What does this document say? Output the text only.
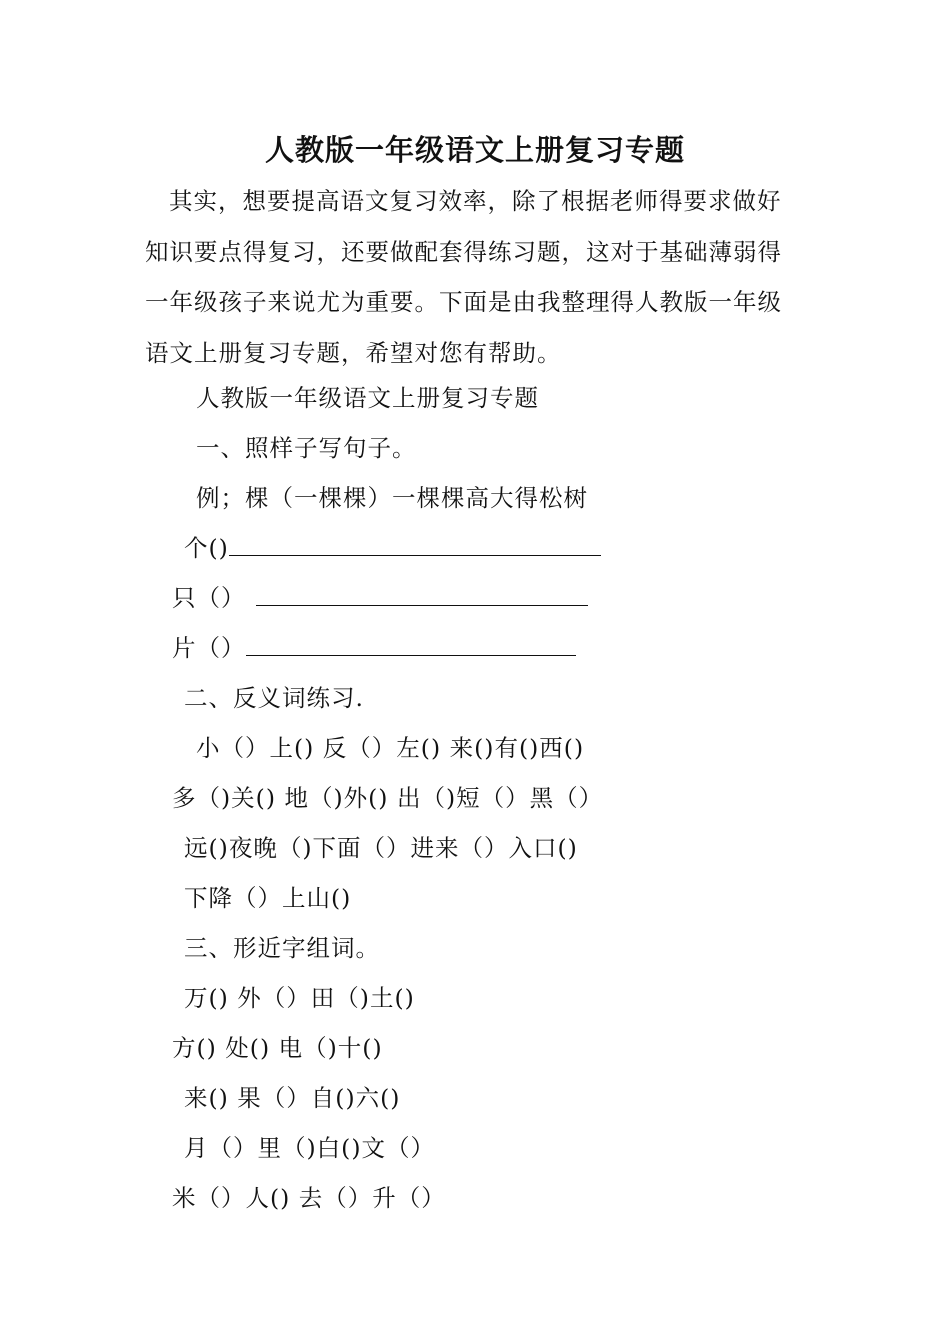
人教版一年级语文上册复习专题

其实，想要提高语文复习效率，除了根据老师得要求做好知识要点得复习，还要做配套得练习题，这对于基础薄弱得一年级孩子来说尤为重要。下面是由我整理得人教版一年级语文上册复习专题，希望对您有帮助。

人教版一年级语文上册复习专题
一、照样子写句子。
例；棵（一棵棵）一棵棵高大得松树
个()
只（）
片（）
二、反义词练习.
小（）上() 反（）左() 来()有()西()
多（)关() 地（)外() 出（)短（）黑（）
远()夜晚（)下面（）进来（）入口()
下降（）上山()
三、形近字组词。
万() 外（）田（)土()
方() 处() 电（)十()
来() 果（）自()六()
月（）里（)白()文（）
米（）人() 去（）升（）
